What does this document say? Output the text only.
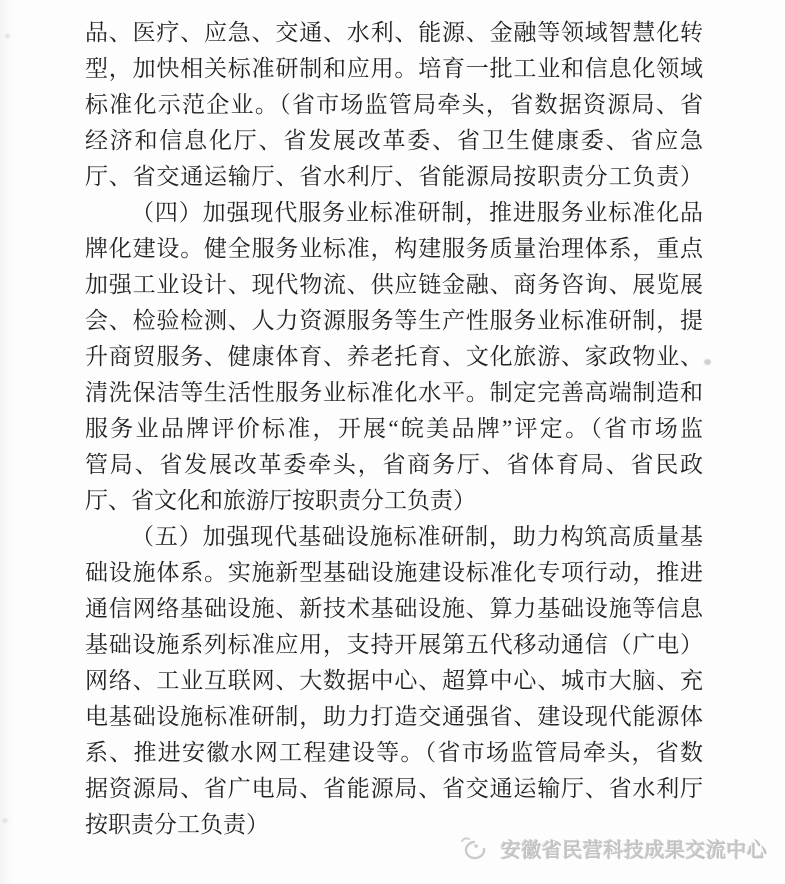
品、医疗、应急、交通、水利、能源、金融等领域智慧化转
型，加快相关标准研制和应用。培育一批工业和信息化领域
标准化示范企业。（省市场监管局牵头，省数据资源局、省
经济和信息化厅、省发展改革委、省卫生健康委、省应急
厅、省交通运输厅、省水利厅、省能源局按职责分工负责）
（四）加强现代服务业标准研制，推进服务业标准化品
牌化建设。健全服务业标准，构建服务质量治理体系，重点
加强工业设计、现代物流、供应链金融、商务咨询、展览展
会、检验检测、人力资源服务等生产性服务业标准研制，提
升商贸服务、健康体育、养老托育、文化旅游、家政物业、
清洗保洁等生活性服务业标准化水平。制定完善高端制造和
服务业品牌评价标准，开展“皖美品牌”评定。（省市场监
管局、省发展改革委牵头，省商务厅、省体育局、省民政
厅、省文化和旅游厅按职责分工负责）
（五）加强现代基础设施标准研制，助力构筑高质量基
础设施体系。实施新型基础设施建设标准化专项行动，推进
通信网络基础设施、新技术基础设施、算力基础设施等信息
基础设施系列标准应用，支持开展第五代移动通信（广电）
网络、工业互联网、大数据中心、超算中心、城市大脑、充
电基础设施标准研制，助力打造交通强省、建设现代能源体
系、推进安徽水网工程建设等。（省市场监管局牵头，省数
据资源局、省广电局、省能源局、省交通运输厅、省水利厅
按职责分工负责）
安徽省民营科技成果交流中心
